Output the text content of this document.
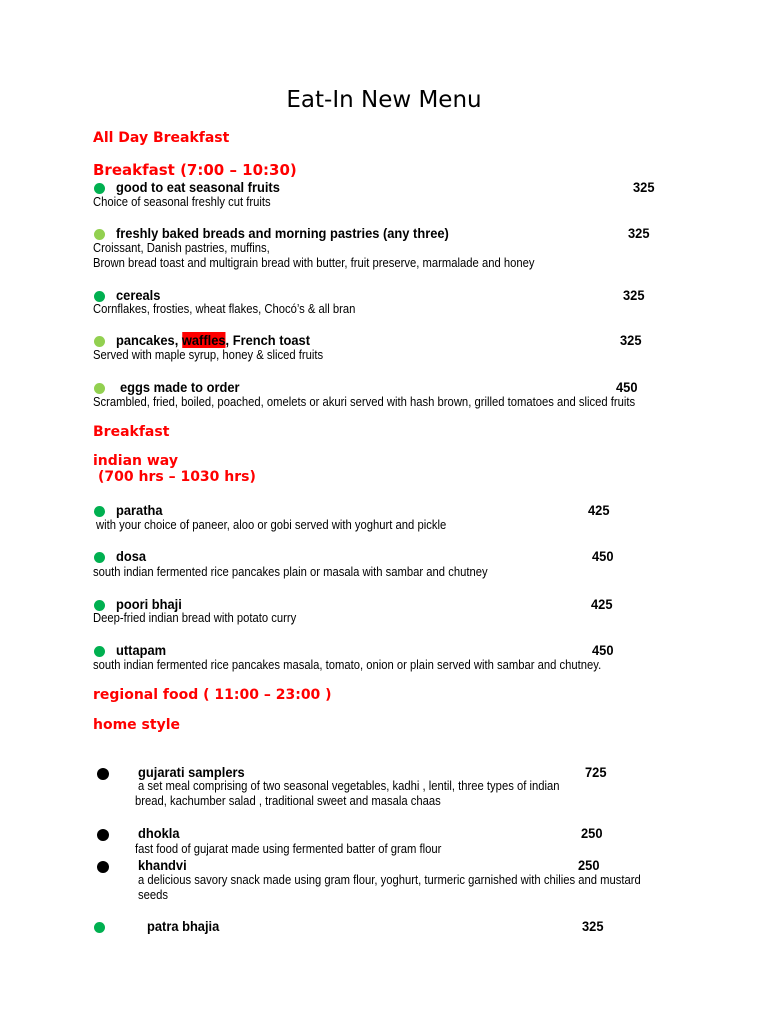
Eat-In New Menu
All Day Breakfast
Breakfast (7:00 – 10:30)
good to eat seasonal fruits	325
Choice of seasonal freshly cut fruits
freshly baked breads and morning pastries (any three)	325
Croissant, Danish pastries, muffins,
Brown bread toast and multigrain bread with butter, fruit preserve, marmalade and honey
cereals	325
Cornflakes, frosties, wheat flakes, Chocó’s & all bran
pancakes, waffles, French toast	325
Served with maple syrup, honey & sliced fruits
eggs made to order	450
Scrambled, fried, boiled, poached, omelets or akuri served with hash brown, grilled tomatoes and sliced fruits
Breakfast
indian way
(700 hrs – 1030 hrs)
paratha	425
with your choice of paneer, aloo or gobi served with yoghurt and pickle
dosa	450
south indian fermented rice pancakes plain or masala with sambar and chutney
poori bhaji	425
Deep-fried indian bread with potato curry
uttapam	450
south indian fermented rice pancakes masala, tomato, onion or plain served with sambar and chutney.
regional food ( 11:00 – 23:00 )
home style
gujarati samplers	725
a set meal comprising of two seasonal vegetables, kadhi , lentil, three types of indian
bread, kachumber salad , traditional sweet and masala chaas
dhokla	250
fast food of gujarat made using fermented batter of gram flour
khandvi	250
a delicious savory snack made using gram flour, yoghurt, turmeric garnished with chilies and mustard
seeds
patra bhajia	325
